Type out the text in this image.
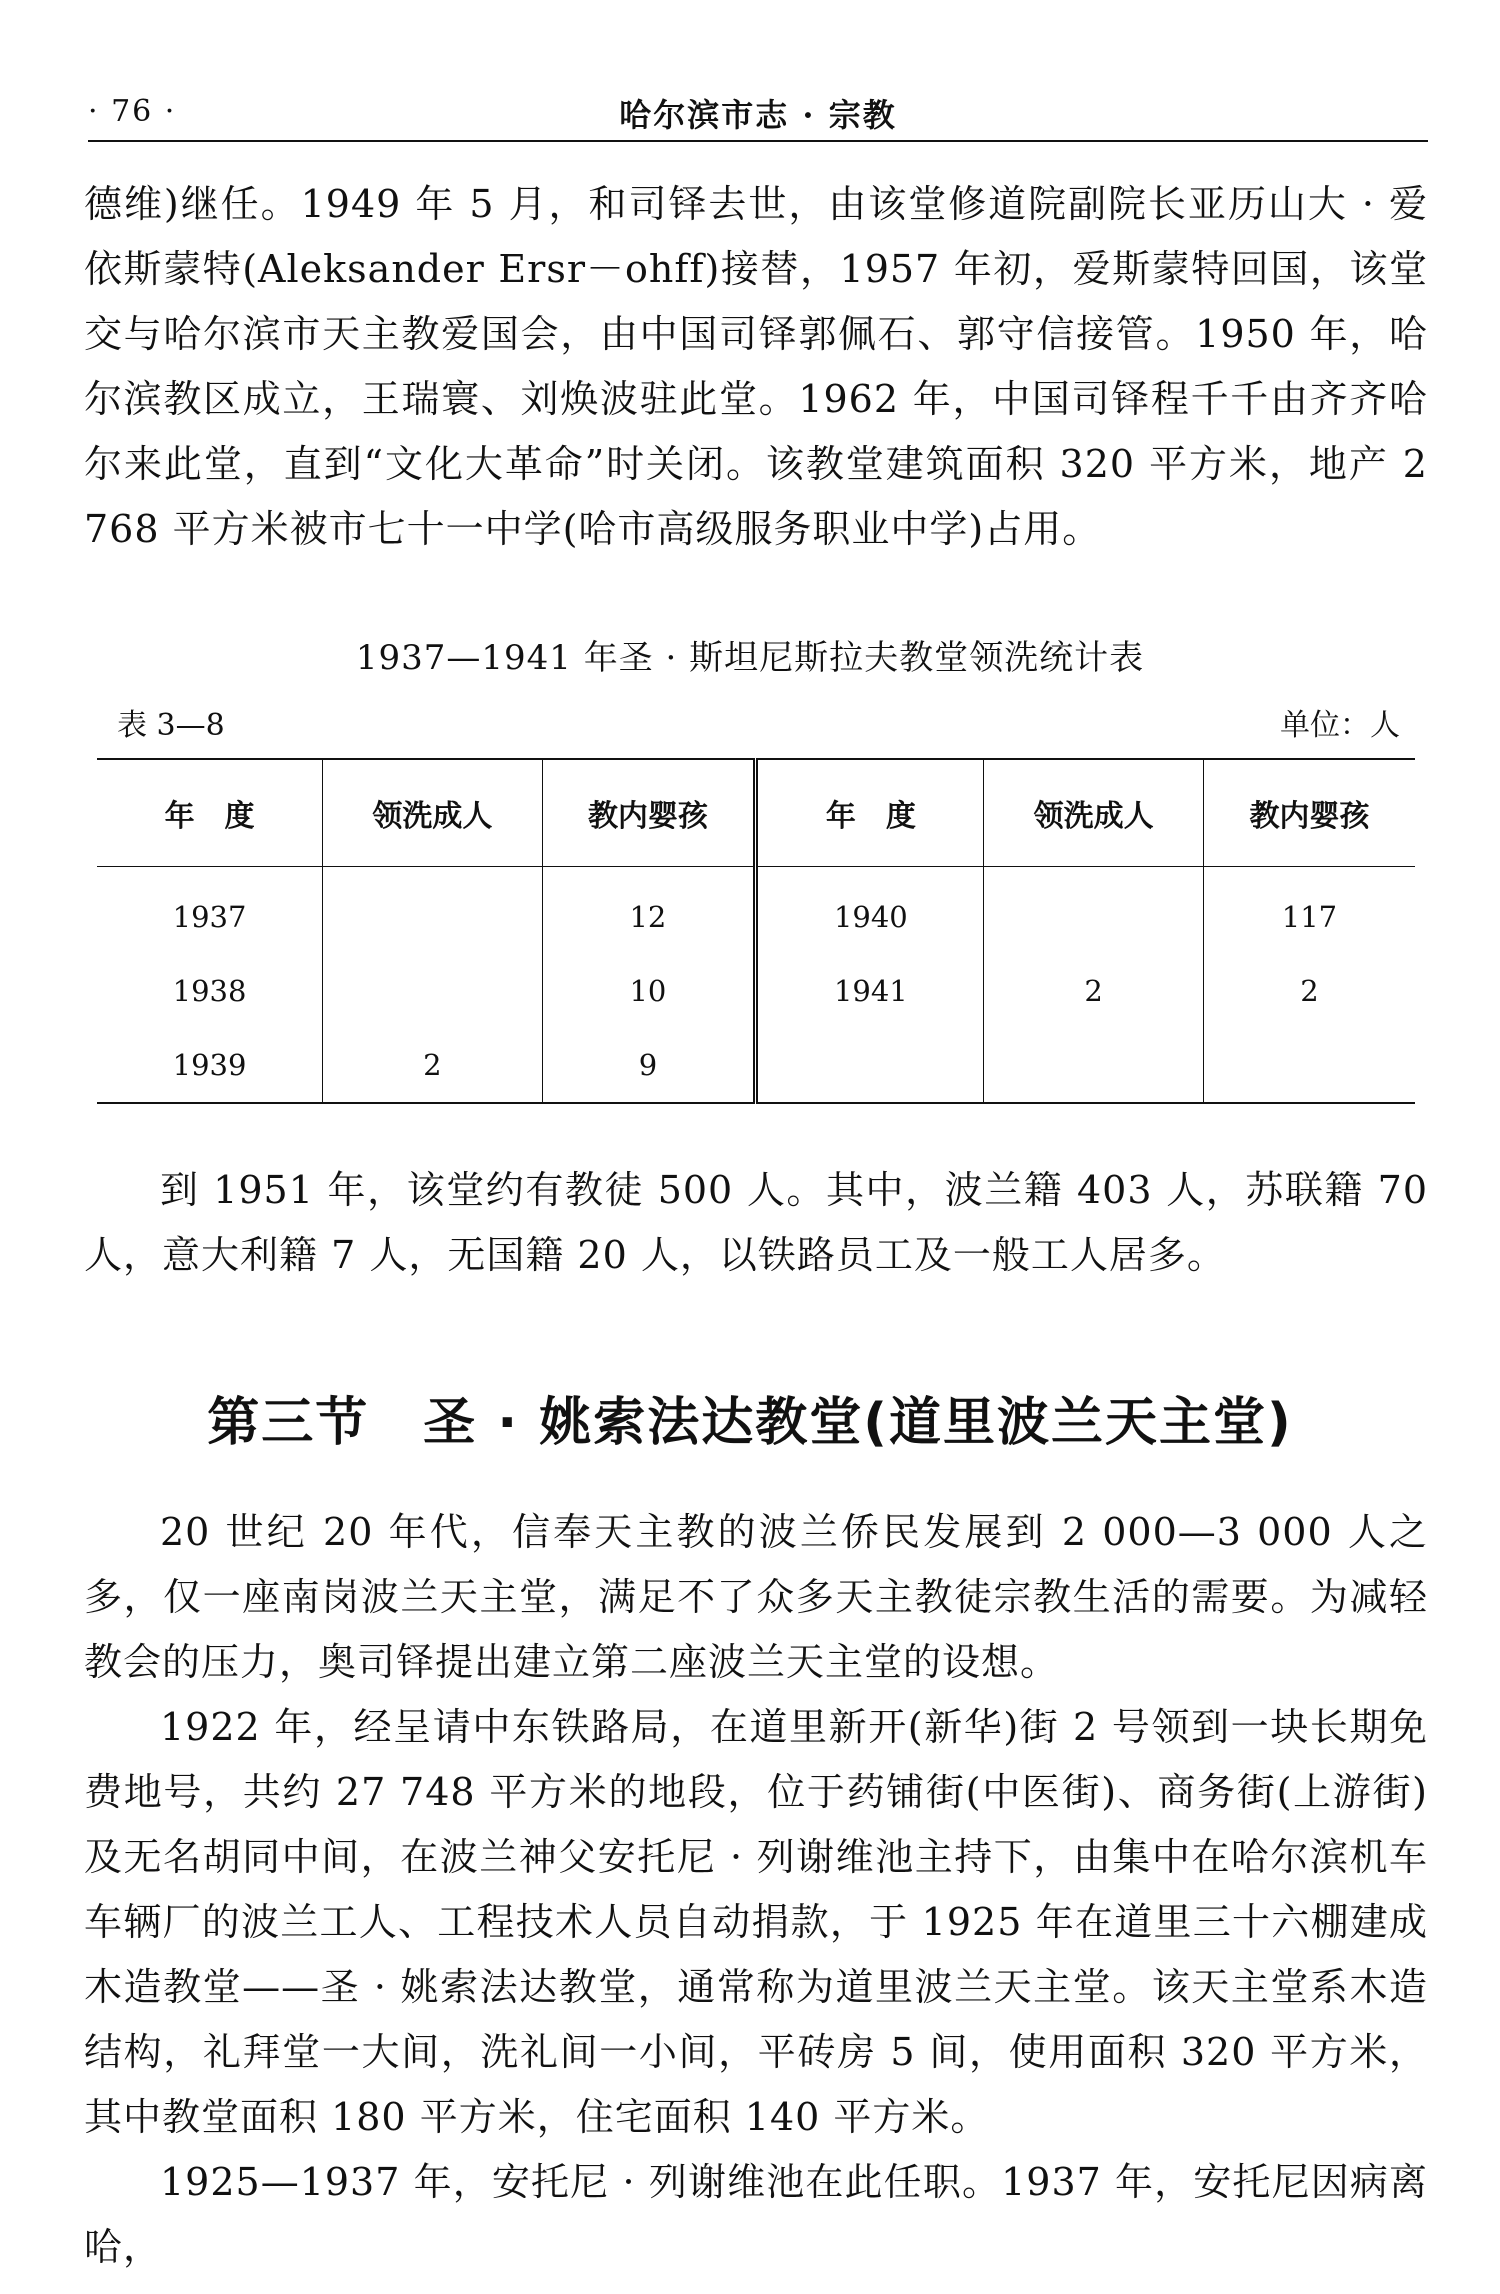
· 76 ·	哈尔滨市志 · 宗教

德维)继任。1949 年 5 月，和司铎去世，由该堂修道院副院长亚历山大 · 爱依斯蒙特(Aleksander Ersr－ohff)接替，1957 年初，爱斯蒙特回国，该堂交与哈尔滨市天主教爱国会，由中国司铎郭佩石、郭守信接管。1950 年，哈尔滨教区成立，王瑞寰、刘焕波驻此堂。1962 年，中国司铎程千千由齐齐哈尔来此堂，直到“文化大革命”时关闭。该教堂建筑面积 320 平方米，地产 2 768 平方米被市七十一中学(哈市高级服务职业中学)占用。

1937—1941 年圣 · 斯坦尼斯拉夫教堂领洗统计表
表 3—8	单位：人
年　度	领洗成人	教内婴孩	年　度	领洗成人	教内婴孩
1937		12	1940		117
1938		10	1941	2	2
1939	2	9			

到 1951 年，该堂约有教徒 500 人。其中，波兰籍 403 人，苏联籍 70 人，意大利籍 7 人，无国籍 20 人，以铁路员工及一般工人居多。

第三节　圣 · 姚索法达教堂(道里波兰天主堂)

20 世纪 20 年代，信奉天主教的波兰侨民发展到 2 000—3 000 人之多，仅一座南岗波兰天主堂，满足不了众多天主教徒宗教生活的需要。为减轻教会的压力，奥司铎提出建立第二座波兰天主堂的设想。

1922 年，经呈请中东铁路局，在道里新开(新华)街 2 号领到一块长期免费地号，共约 27 748 平方米的地段，位于药铺街(中医街)、商务街(上游街)及无名胡同中间，在波兰神父安托尼 · 列谢维池主持下，由集中在哈尔滨机车车辆厂的波兰工人、工程技术人员自动捐款，于 1925 年在道里三十六棚建成木造教堂——圣 · 姚索法达教堂，通常称为道里波兰天主堂。该天主堂系木造结构，礼拜堂一大间，洗礼间一小间，平砖房 5 间，使用面积 320 平方米，其中教堂面积 180 平方米，住宅面积 140 平方米。

1925—1937 年，安托尼 · 列谢维池在此任职。1937 年，安托尼因病离哈，
